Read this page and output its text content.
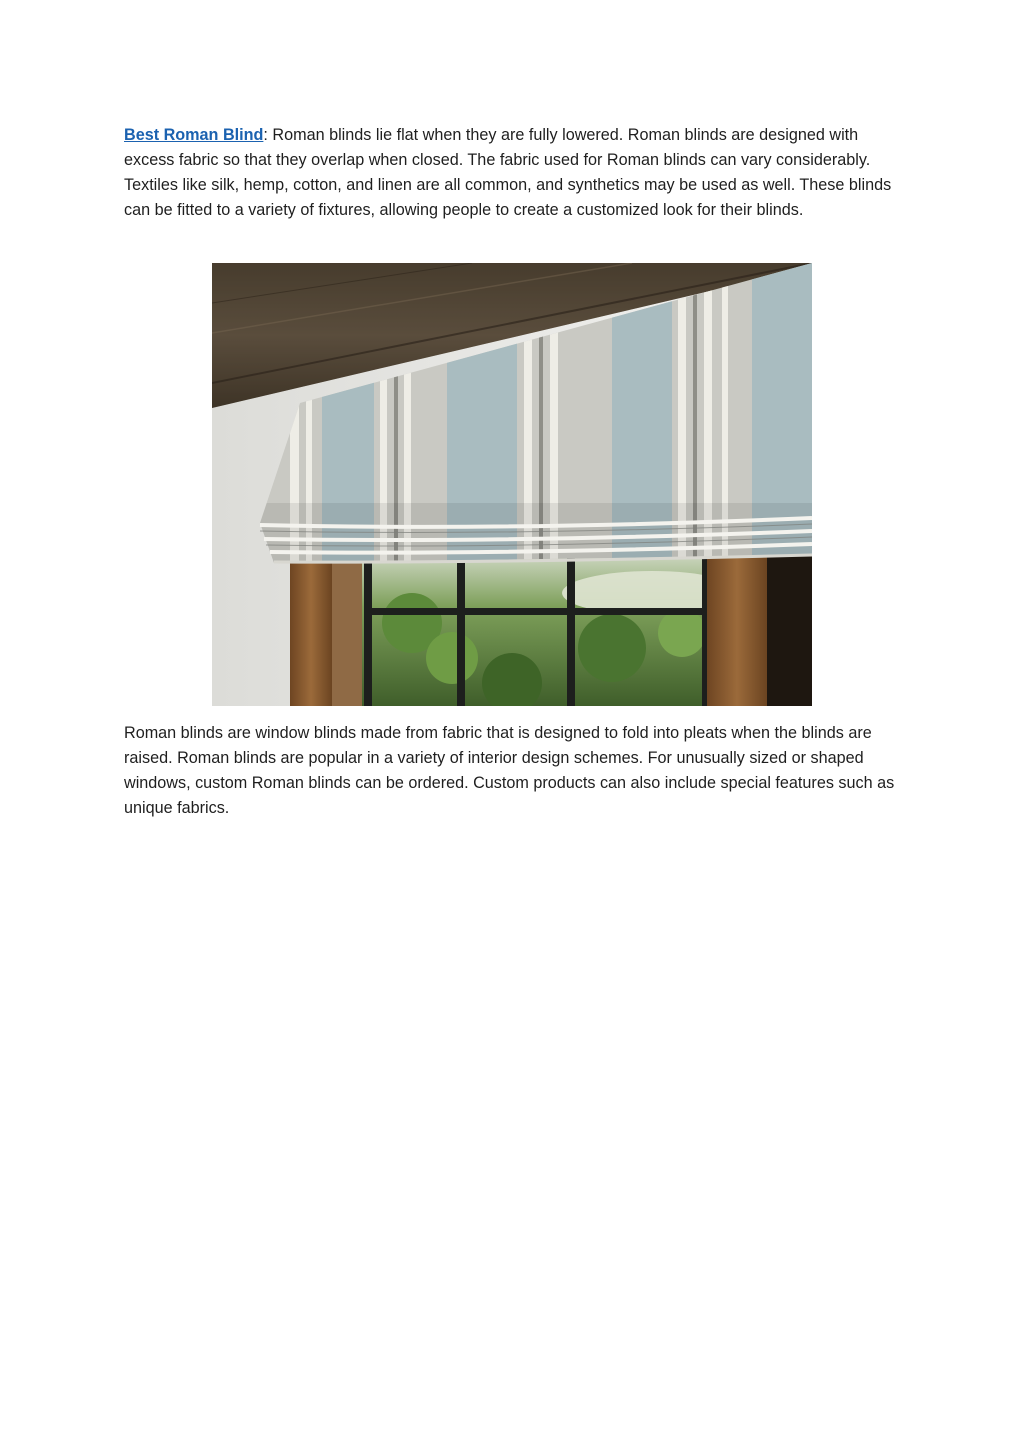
Best Roman Blind: Roman blinds lie flat when they are fully lowered. Roman blinds are designed with excess fabric so that they overlap when closed. The fabric used for Roman blinds can vary considerably. Textiles like silk, hemp, cotton, and linen are all common, and synthetics may be used as well. These blinds can be fitted to a variety of fixtures, allowing people to create a customized look for their blinds.

Roman blinds are window blinds made from fabric that is designed to fold into pleats when the blinds are raised. Roman blinds are popular in a variety of interior design schemes. For unusually sized or shaped windows, custom Roman blinds can be ordered. Custom products can also include special features such as unique fabrics.
